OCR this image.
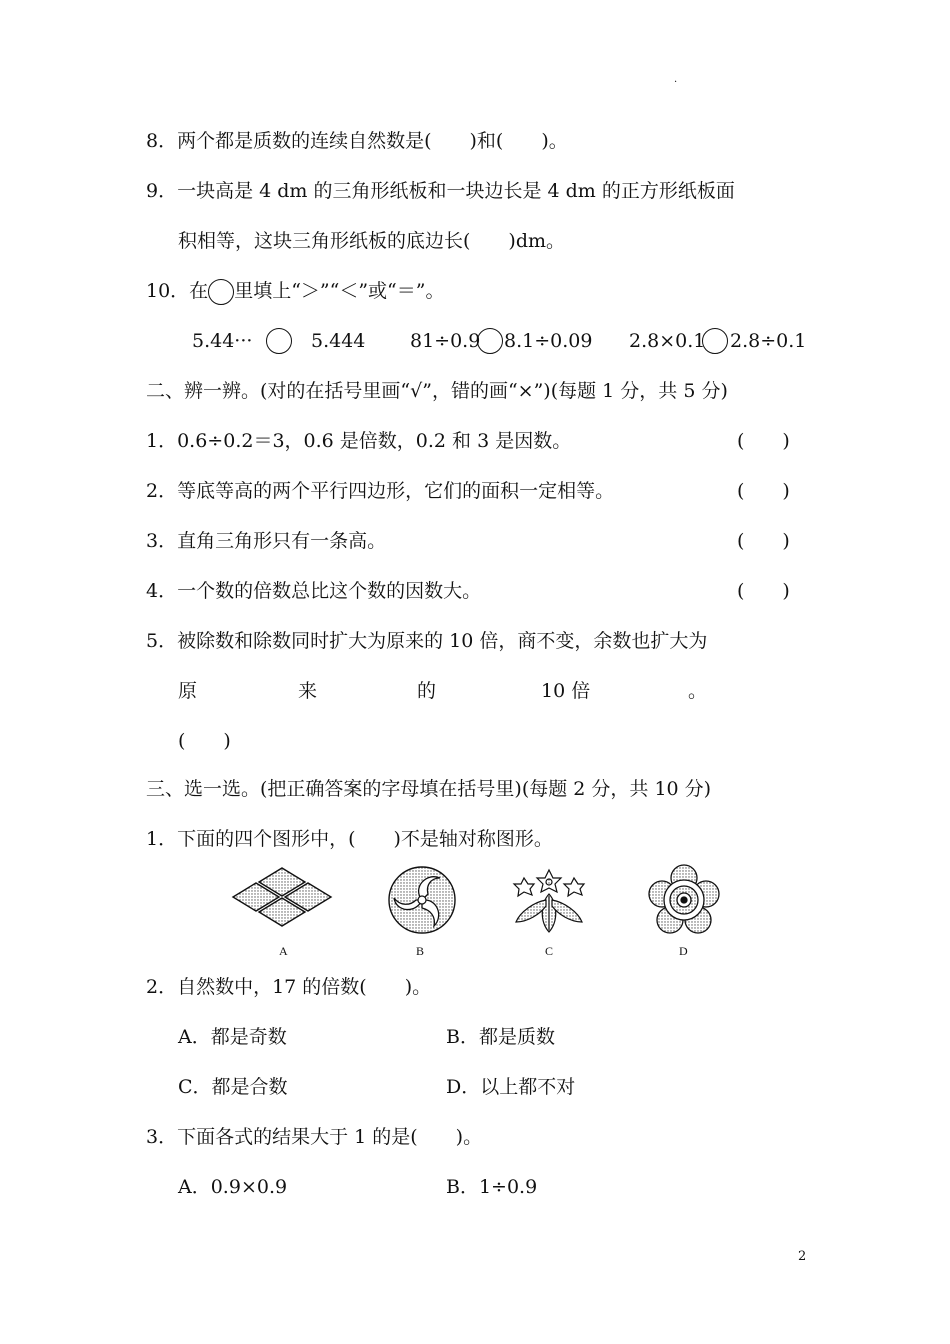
.
8．两个都是质数的连续自然数是(　　)和(　　)。
9．一块高是 4 dm 的三角形纸板和一块边长是 4 dm 的正方形纸板面
积相等，这块三角形纸板的底边长(　　)dm。
10．在 里填上“＞”“＜”或“＝”。
5.44···	5.444 81÷0.9 8.1÷0.09 2.8×0.1 2.8÷0.1
二、辨一辨。(对的在括号里画“√”，错的画“×”)(每题 1 分，共 5 分)
1．0.6÷0.2＝3，0.6 是倍数，0.2 和 3 是因数。	(　　)
2．等底等高的两个平行四边形，它们的面积一定相等。	(　　)
3．直角三角形只有一条高。	(　　)
4．一个数的倍数总比这个数的因数大。	(　　)
5．被除数和除数同时扩大为原来的 10 倍，商不变，余数也扩大为
原	来	的	10 倍	。
(　　)
三、选一选。(把正确答案的字母填在括号里)(每题 2 分，共 10 分)
1．下面的四个图形中，(　　)不是轴对称图形。
A	B	C	D
2．自然数中，17 的倍数(　　)。
A．都是奇数	B．都是质数
C．都是合数	D．以上都不对
3．下面各式的结果大于 1 的是(　　)。
A．0.9×0.9	B．1÷0.9
2
